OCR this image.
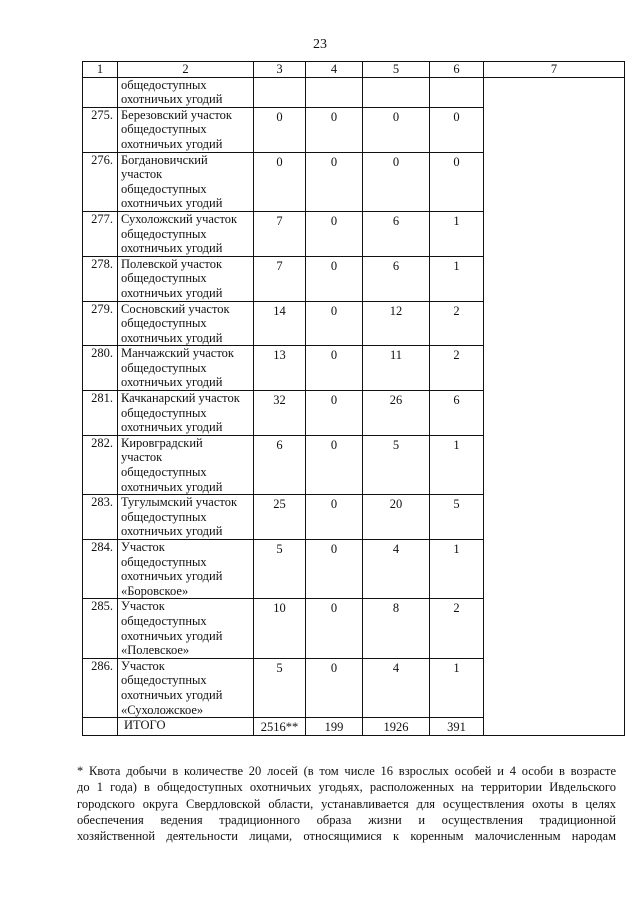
23
1	2	3	4	5	6	7
	общедоступных
охотничьих угодий					
275.	Березовский участок
общедоступных
охотничьих угодий	0	0	0	0	
276.	Богдановичский
участок
общедоступных
охотничьих угодий	0	0	0	0	
277.	Сухоложский участок
общедоступных
охотничьих угодий	7	0	6	1	
278.	Полевской участок
общедоступных
охотничьих угодий	7	0	6	1	
279.	Сосновский участок
общедоступных
охотничьих угодий	14	0	12	2	
280.	Манчажский участок
общедоступных
охотничьих угодий	13	0	11	2	
281.	Качканарский участок
общедоступных
охотничьих угодий	32	0	26	6	
282.	Кировградский
участок
общедоступных
охотничьих угодий	6	0	5	1	
283.	Тугулымский участок
общедоступных
охотничьих угодий	25	0	20	5	
284.	Участок
общедоступных
охотничьих угодий
«Боровское»	5	0	4	1	
285.	Участок
общедоступных
охотничьих угодий
«Полевское»	10	0	8	2	
286.	Участок
общедоступных
охотничьих угодий
«Сухоложское»	5	0	4	1	
	ИТОГО	2516**	199	1926	391	
* Квота добычи в количестве 20 лосей (в том числе 16 взрослых особей и 4 особи в возрасте
до 1 года) в общедоступных охотничьих угодьях, расположенных на территории Ивдельского
городского округа Свердловской области, устанавливается для осуществления охоты в целях
обеспечения ведения традиционного образа жизни и осуществления традиционной
хозяйственной деятельности лицами, относящимися к коренным малочисленным народам
